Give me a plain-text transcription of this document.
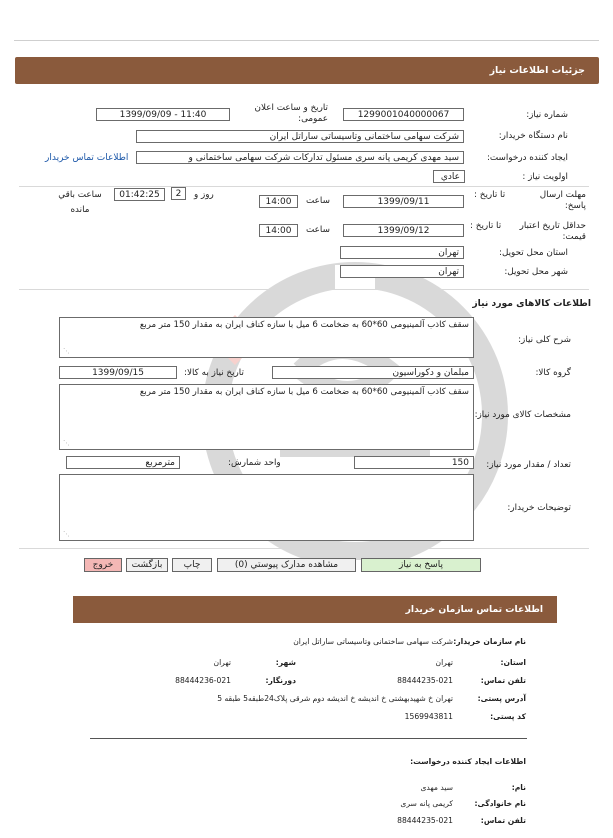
جزئیات اطلاعات نیاز
شماره نیاز:
1299001040000067
تاریخ و ساعت اعلان عمومی:
1399/09/09 - 11:40
نام دستگاه خریدار:
شرکت سهامی ساختمانی وتاسیساتی ساراتل ایران
ایجاد کننده درخواست:
سید مهدی کریمی پانه سری مسئول تدارکات شرکت سهامی ساختمانی و
اطلاعات تماس خریدار
اولویت نیاز :
عادي
مهلت ارسال پاسخ:
تا تاریخ :
1399/09/11
ساعت
14:00
2	روز و
01:42:25
ساعت باقي مانده
حداقل تاریخ اعتبار قیمت:
تا تاریخ :
1399/09/12
ساعت
14:00
استان محل تحویل:
تهران
شهر محل تحویل:
تهران
اطلاعات کالاهای مورد نیاز
شرح کلی نیاز:
سقف کاذب آلمینیومی 60*60 به ضخامت 6 میل با سازه کناف ایران به مقدار 150 متر مربع
⋰
گروه کالا:
مبلمان و دکوراسیون
تاریخ نیاز به کالا:
1399/09/15
مشخصات کالای مورد نیاز:
سقف کاذب آلمینیومی 60*60 به ضخامت 6 میل با سازه کناف ایران به مقدار 150 متر مربع
⋰
تعداد / مقدار مورد نیاز:
150
واحد شمارش:
مترمربع
توضیحات خریدار:
⋰
پاسخ به نیاز
مشاهده مدارک پیوستي (0)
چاپ
بازگشت
خروج
اطلاعات تماس سازمان خریدار
نام سازمان خریدار:
شرکت سهامی ساختمانی وتاسیساتی ساراتل ایران
استان:
تهران
شهر:
تهران
تلفن تماس:
88444235-021
دورنگار:
88444236-021
آدرس پستی:
تهران خ شهیدبهشتی خ اندیشه خ اندیشه دوم شرقی پلاک24طبقه5 طبقه 5
کد پستی:
1569943811
اطلاعات ایجاد کننده درخواست:
نام:
سید مهدی
نام خانوادگی:
کریمی پانه سری
تلفن تماس:
88444235-021
